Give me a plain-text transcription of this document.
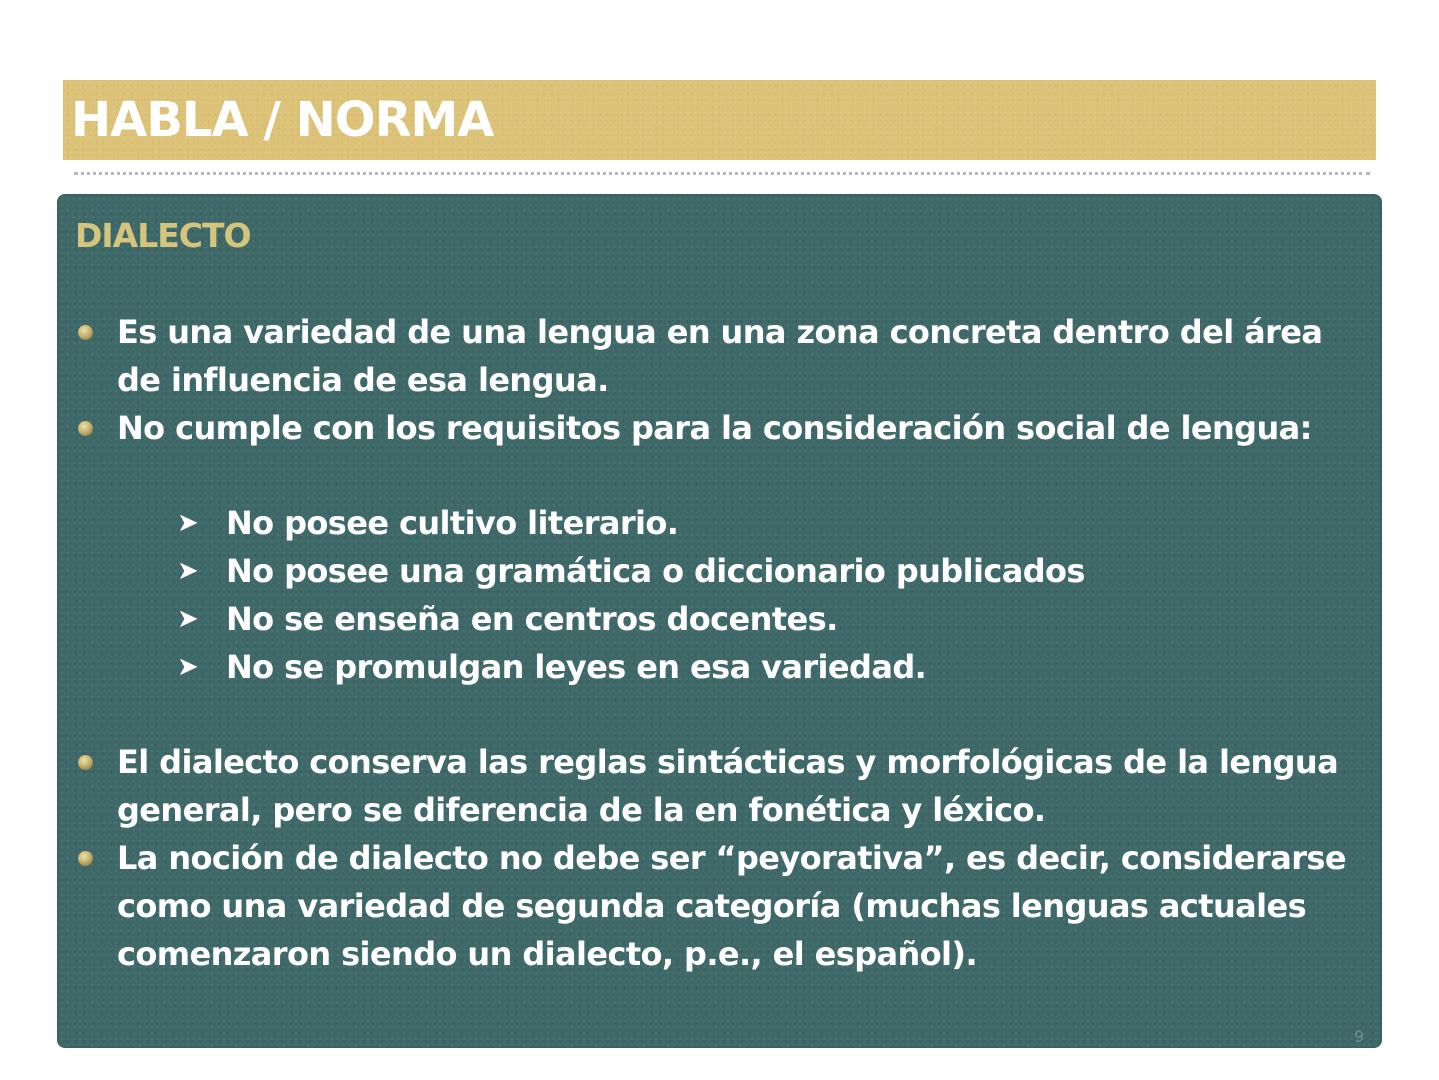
HABLA / NORMA
DIALECTO

Es una variedad de una lengua en una zona concreta dentro del área de influencia de esa lengua.

No cumple con los requisitos para la consideración social de lengua:

➤ No posee cultivo literario.

➤ No posee una gramática o diccionario publicados

➤ No se enseña en centros docentes.

➤ No se promulgan leyes en esa variedad.

El dialecto conserva las reglas sintácticas y morfológicas de la lengua general, pero se diferencia de la en fonética y léxico.

La noción de dialecto no debe ser “peyorativa”, es decir, considerarse como una variedad de segunda categoría (muchas lenguas actuales comenzaron siendo un dialecto, p.e., el español).

9
